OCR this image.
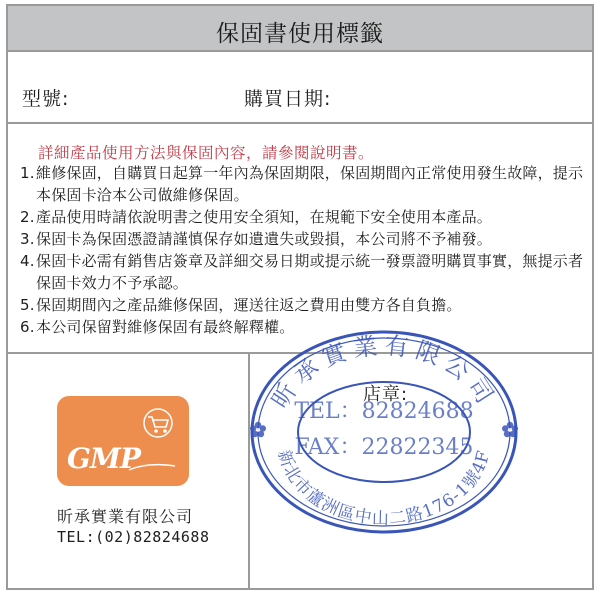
保固書使用標籤
型號:	購買日期:
詳細產品使用方法與保固內容，請參閱說明書。
1. 維修保固，自購買日起算一年內為保固期限，保固期間內正常使用發生故障，提示本保固卡洽本公司做維修保固。
2. 產品使用時請依說明書之使用安全須知，在規範下安全使用本產品。
3. 保固卡為保固憑證請謹慎保存如遺遺失或毀損，本公司將不予補發。
4. 保固卡必需有銷售店簽章及詳細交易日期或提示統一發票證明購買事實，無提示者保固卡效力不予承認。
5. 保固期間內之產品維修保固，運送往返之費用由雙方各自負擔。
6. 本公司保留對維修保固有最終解釋權。
GMP
昕承實業有限公司
TEL:(02)82824688
店章:
昕承實業有限公司
新北市蘆洲區中山二路176-1號4F
TEL：82824688
FAX：22822345
